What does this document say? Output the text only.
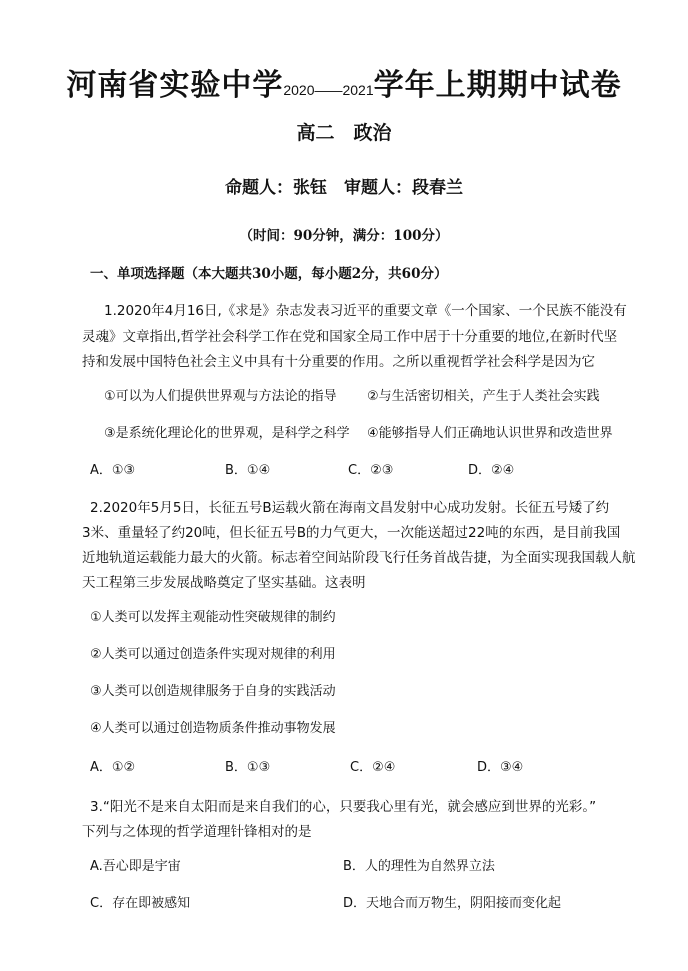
河南省实验中学2020——2021学年上期期中试卷
高二　政治
命题人：张钰　审题人：段春兰
（时间：90分钟，满分：100分）
一、单项选择题（本大题共30小题，每小题2分，共60分）
1.2020年4月16日,《求是》杂志发表习近平的重要文章《一个国家、一个民族不能没有
灵魂》文章指出,哲学社会科学工作在党和国家全局工作中居于十分重要的地位,在新时代坚
持和发展中国特色社会主义中具有十分重要的作用。之所以重视哲学社会科学是因为它
①可以为人们提供世界观与方法论的指导 ②与生活密切相关，产生于人类社会实践
③是系统化理论化的世界观，是科学之科学 ④能够指导人们正确地认识世界和改造世界
A．①③	B．①④	C．②③	D．②④
2.2020年5月5日，长征五号B运载火箭在海南文昌发射中心成功发射。长征五号矮了约
3米、重量轻了约20吨，但长征五号B的力气更大，一次能送超过22吨的东西，是目前我国
近地轨道运载能力最大的火箭。标志着空间站阶段飞行任务首战告捷，为全面实现我国载人航
天工程第三步发展战略奠定了坚实基础。这表明
①人类可以发挥主观能动性突破规律的制约
②人类可以通过创造条件实现对规律的利用
③人类可以创造规律服务于自身的实践活动
④人类可以通过创造物质条件推动事物发展
A．①②	B．①③	C．②④	D．③④
3.“阳光不是来自太阳而是来自我们的心，只要我心里有光，就会感应到世界的光彩。”
下列与之体现的哲学道理针锋相对的是
A.吾心即是宇宙	B．人的理性为自然界立法
C．存在即被感知	D．天地合而万物生，阴阳接而变化起
